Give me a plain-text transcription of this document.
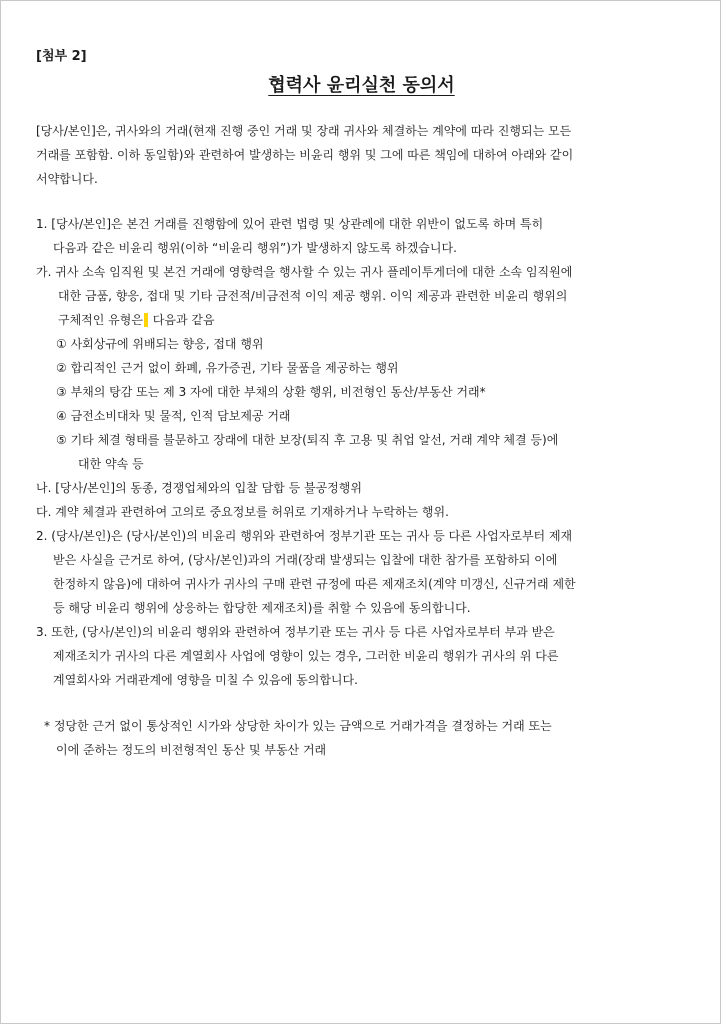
[첨부 2]
협력사 윤리실천 동의서
[당사/본인]은, 귀사와의 거래(현재 진행 중인 거래 및 장래 귀사와 체결하는 계약에 따라 진행되는 모든
거래를 포함함. 이하 동일함)와 관련하여 발생하는 비윤리 행위 및 그에 따른 책임에 대하여 아래와 같이
서약합니다.
1. [당사/본인]은 본건 거래를 진행함에 있어 관련 법령 및 상관례에 대한 위반이 없도록 하며 특히
다음과 같은 비윤리 행위(이하 “비윤리 행위”)가 발생하지 않도록 하겠습니다.
가. 귀사 소속 임직원 및 본건 거래에 영향력을 행사할 수 있는 귀사 플레이투게더에 대한 소속 임직원에
대한 금품, 향응, 접대 및 기타 금전적/비금전적 이익 제공 행위. 이익 제공과 관련한 비윤리 행위의
구체적인 유형은 다음과 같음
① 사회상규에 위배되는 향응, 접대 행위
② 합리적인 근거 없이 화폐, 유가증권, 기타 물품을 제공하는 행위
③ 부채의 탕감 또는 제 3 자에 대한 부채의 상환 행위, 비전형인 동산/부동산 거래*
④ 금전소비대차 및 물적, 인적 담보제공 거래
⑤ 기타 체결 형태를 불문하고 장래에 대한 보장(퇴직 후 고용 및 취업 알선, 거래 계약 체결 등)에
대한 약속 등
나. [당사/본인]의 동종, 경쟁업체와의 입찰 담합 등 불공정행위
다. 계약 체결과 관련하여 고의로 중요정보를 허위로 기재하거나 누락하는 행위.
2. (당사/본인)은 (당사/본인)의 비윤리 행위와 관련하여 정부기관 또는 귀사 등 다른 사업자로부터 제재
받은 사실을 근거로 하여, (당사/본인)과의 거래(장래 발생되는 입찰에 대한 참가를 포함하되 이에
한정하지 않음)에 대하여 귀사가 귀사의 구매 관련 규정에 따른 제재조치(계약 미갱신, 신규거래 제한
등 해당 비윤리 행위에 상응하는 합당한 제재조치)를 취할 수 있음에 동의합니다.
3. 또한, (당사/본인)의 비윤리 행위와 관련하여 정부기관 또는 귀사 등 다른 사업자로부터 부과 받은
제재조치가 귀사의 다른 계열회사 사업에 영향이 있는 경우, 그러한 비윤리 행위가 귀사의 위 다른
계열회사와 거래관계에 영향을 미칠 수 있음에 동의합니다.
* 정당한 근거 없이 통상적인 시가와 상당한 차이가 있는 금액으로 거래가격을 결정하는 거래 또는
이에 준하는 정도의 비전형적인 동산 및 부동산 거래
